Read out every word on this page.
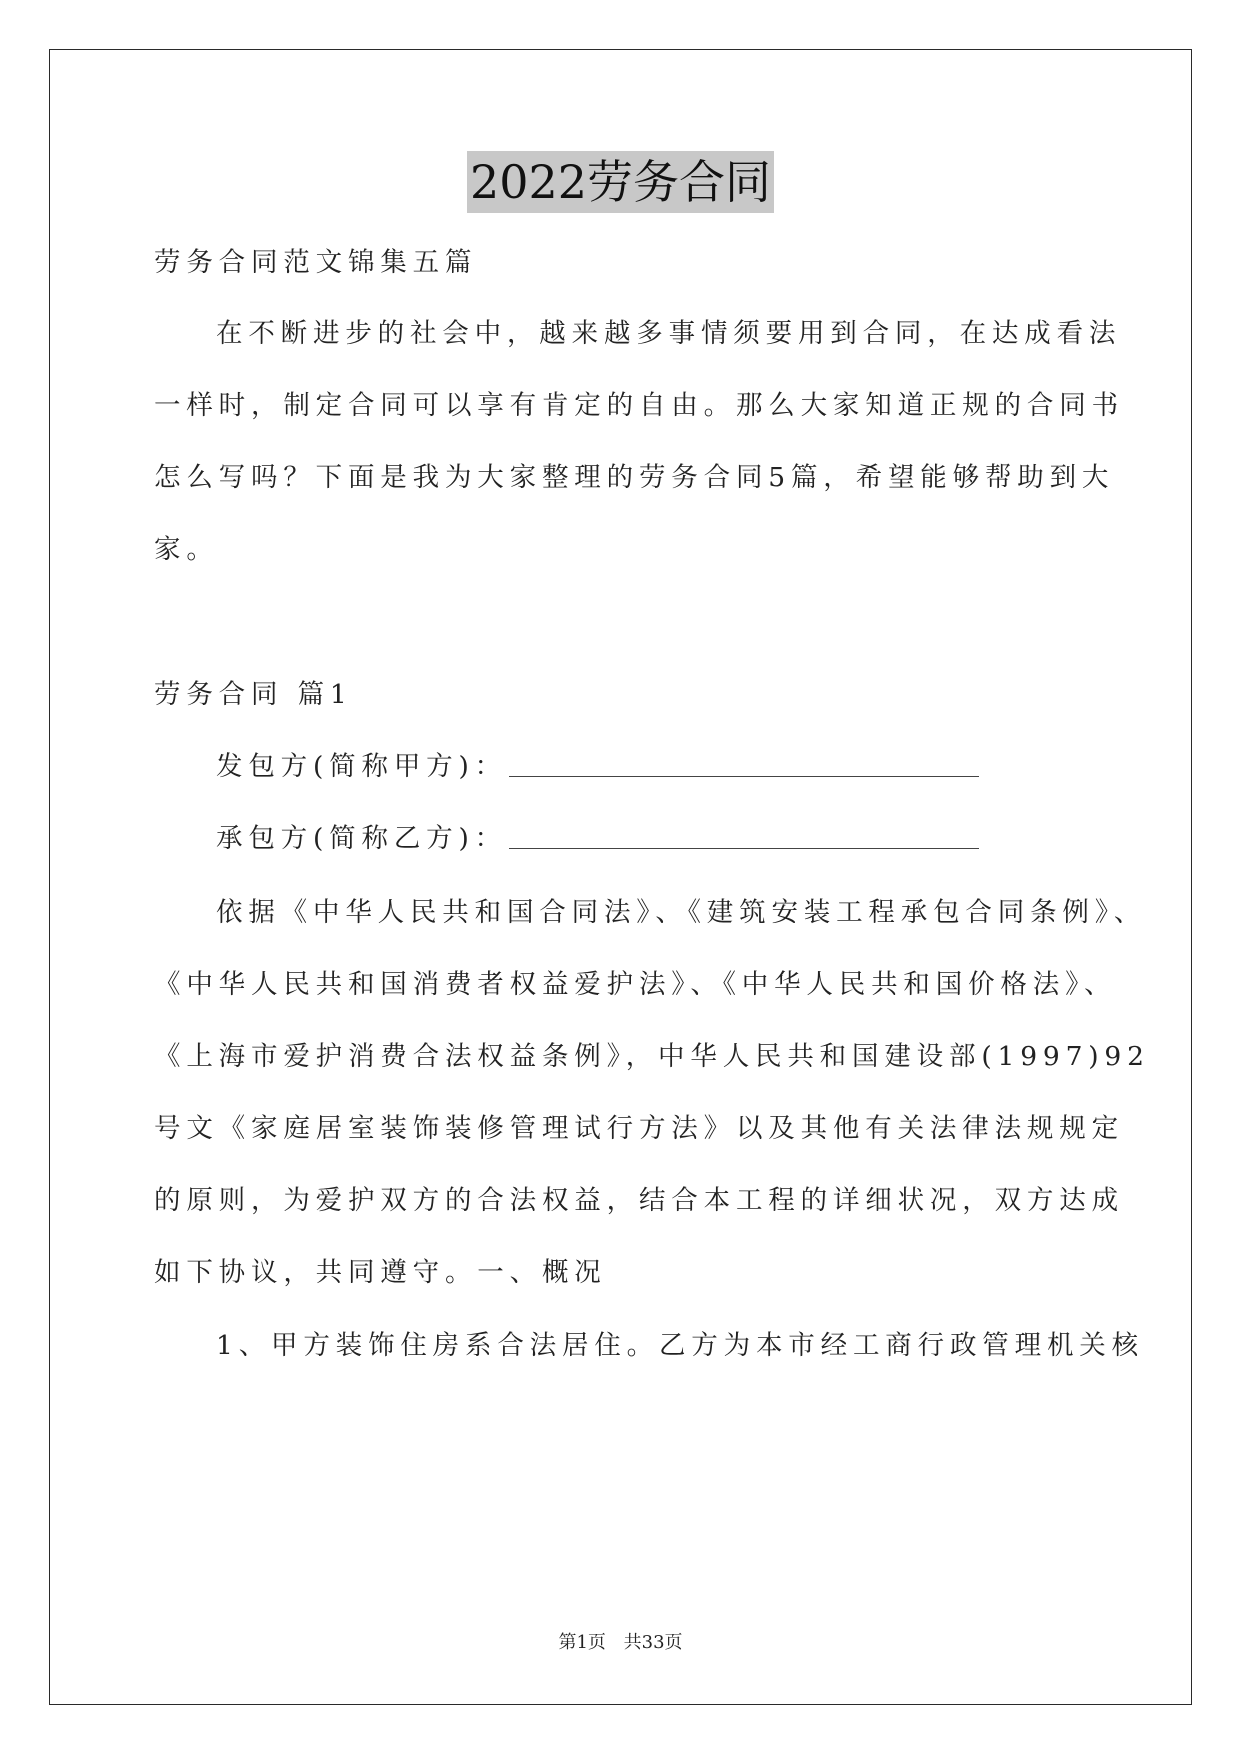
2022劳务合同
劳务合同范文锦集五篇
在不断进步的社会中，越来越多事情须要用到合同，在达成看法
一样时，制定合同可以享有肯定的自由。那么大家知道正规的合同书
怎么写吗？下面是我为大家整理的劳务合同5篇，希望能够帮助到大
家。
劳务合同 篇1
发包方(简称甲方)：
承包方(简称乙方)：
依据《中华人民共和国合同法》、《建筑安装工程承包合同条例》、
《中华人民共和国消费者权益爱护法》、《中华人民共和国价格法》、
《上海市爱护消费合法权益条例》，中华人民共和国建设部(1997)92
号文《家庭居室装饰装修管理试行方法》以及其他有关法律法规规定
的原则，为爱护双方的合法权益，结合本工程的详细状况，双方达成
如下协议，共同遵守。一、概况
1、甲方装饰住房系合法居住。乙方为本市经工商行政管理机关核
第1页 共33页
